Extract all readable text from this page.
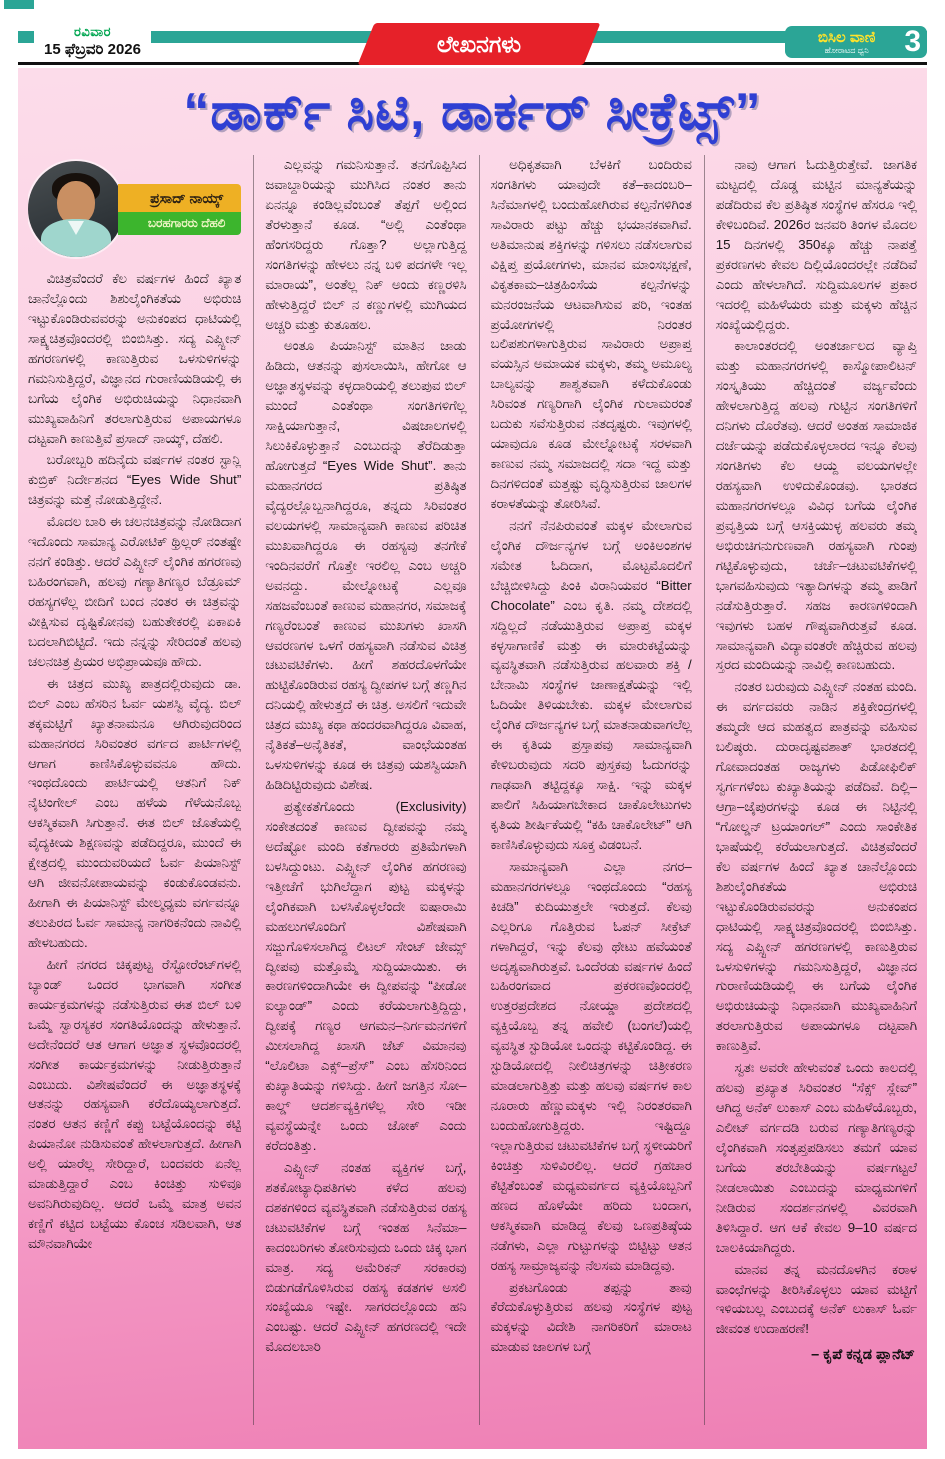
ರವಿವಾರ
15 ಫೆಬ್ರವರಿ 2026	ಲೇಖನಗಳು	ಬಿಸಿಲ ವಾಣಿ
ಹೋರಾಟದ ಧ್ವನಿ	3
“ಡಾರ್ಕ್ ಸಿಟಿ, ಡಾರ್ಕರ್ ಸೀಕ್ರೆಟ್ಸ್”
ಪ್ರಸಾದ್ ನಾಯ್ಕ್
ಬರಹಗಾರರು ದೆಹಲಿ

ವಿಚಿತ್ರವೆಂದರೆ ಕೆಲ ವರ್ಷಗಳ ಹಿಂದೆ ಖ್ಯಾತ ಚಾನೆಲ್ಲೊಂದು ಶಿಶುಲೈಂಗಿಕತೆಯ ಅಭಿರುಚಿ ಇಟ್ಟುಕೊಂಡಿರುವವರನ್ನು ಅನುಕಂಪದ ಧಾಟಿಯಲ್ಲಿ ಸಾಕ್ಷ್ಯಚಿತ್ರವೊಂದರಲ್ಲಿ ಬಿಂಬಿಸಿತ್ತು. ಸದ್ಯ ಎಪ್ಸ್ಟೀನ್ ಹಗರಣಗಳಲ್ಲಿ ಕಾಣುತ್ತಿರುವ ಒಳಸುಳಿಗಳನ್ನು ಗಮನಿಸುತ್ತಿದ್ದರೆ, ವಿಜ್ಞಾನದ ಗುರಾಣಿಯಡಿಯಲ್ಲಿ ಈ ಬಗೆಯ ಲೈಂಗಿಕ ಅಭಿರುಚಿಯನ್ನು ನಿಧಾನವಾಗಿ ಮುಖ್ಯವಾಹಿನಿಗೆ ತರಲಾಗುತ್ತಿರುವ ಅಪಾಯಗಳೂ ದಟ್ಟವಾಗಿ ಕಾಣುತ್ತಿವೆ ಪ್ರಸಾದ್ ನಾಯ್ಕ್, ದೆಹಲಿ.

ಬರೋಬ್ಬರಿ ಹದಿನೈದು ವರ್ಷಗಳ ನಂತರ ಸ್ಟಾನ್ಲಿ ಕುಬ್ರಿಕ್ ನಿರ್ದೇಶನದ “Eyes Wide Shut” ಚಿತ್ರವನ್ನು ಮತ್ತೆ ನೋಡುತ್ತಿದ್ದೇನೆ.

ಮೊದಲ ಬಾರಿ ಈ ಚಲನಚಿತ್ರವನ್ನು ನೋಡಿದಾಗ ಇದೊಂದು ಸಾಮಾನ್ಯ ಎರೋಟಿಕ್ ಥ್ರಿಲ್ಲರ್ ನಂತಷ್ಟೇ ನನಗೆ ಕಂಡಿತ್ತು. ಆದರೆ ಎಪ್ಸ್ಟೀನ್ ಲೈಂಗಿಕ ಹಗರಣವು ಬಹಿರಂಗವಾಗಿ, ಹಲವು ಗಣ್ಯಾತಿಗಣ್ಯರ ಬೆಡ್ರೂಮ್ ರಹಸ್ಯಗಳೆಲ್ಲ ಬೀದಿಗೆ ಬಂದ ನಂತರ ಈ ಚಿತ್ರವನ್ನು ವೀಕ್ಷಿಸುವ ದೃಷ್ಟಿಕೋನವು ಬಹುತೇಕರಲ್ಲಿ ಏಕಾಏಕಿ ಬದಲಾಗಿಬಿಟ್ಟಿದೆ. ಇದು ನನ್ನನ್ನು ಸೇರಿದಂತೆ ಹಲವು ಚಲನಚಿತ್ರ ಪ್ರಿಯರ ಅಭಿಪ್ರಾಯವೂ ಹೌದು.

ಈ ಚಿತ್ರದ ಮುಖ್ಯ ಪಾತ್ರದಲ್ಲಿರುವುದು ಡಾ. ಬಿಲ್ ಎಂಬ ಹೆಸರಿನ ಓರ್ವ ಯಶಸ್ವಿ ವೈದ್ಯ. ಬಿಲ್ ತಕ್ಕಮಟ್ಟಿಗೆ ಖ್ಯಾತನಾಮನೂ ಆಗಿರುವುದರಿಂದ ಮಹಾನಗರದ ಸಿರಿವಂತರ ವರ್ಗದ ಪಾರ್ಟಿಗಳಲ್ಲಿ ಆಗಾಗ ಕಾಣಿಸಿಕೊಳ್ಳುವವನೂ ಹೌದು. ಇಂಥದೊಂದು ಪಾರ್ಟಿಯಲ್ಲಿ ಆತನಿಗೆ ನಿಕ್ ನೈಟಿಂಗೇಲ್ ಎಂಬ ಹಳೆಯ ಗೆಳೆಯನೊಬ್ಬ ಆಕಸ್ಮಿಕವಾಗಿ ಸಿಗುತ್ತಾನೆ. ಈತ ಬಿಲ್ ಜೊತೆಯಲ್ಲಿ ವೈದ್ಯಕೀಯ ಶಿಕ್ಷಣವನ್ನು ಪಡೆದಿದ್ದರೂ, ಮುಂದೆ ಈ ಕ್ಷೇತ್ರದಲ್ಲಿ ಮುಂದುವರಿಯದೆ ಓರ್ವ ಪಿಯಾನಿಸ್ಟ್ ಆಗಿ ಜೀವನೋಪಾಯವನ್ನು ಕಂಡುಕೊಂಡವನು. ಹೀಗಾಗಿ ಈ ಪಿಯಾನಿಸ್ಟ್ ಮೇಲ್ಮಧ್ಯಮ ವರ್ಗವನ್ನೂ ತಲುಪಿರದ ಓರ್ವ ಸಾಮಾನ್ಯ ನಾಗರಿಕನೆಂದು ನಾವಿಲ್ಲಿ ಹೇಳಬಹುದು.

ಹೀಗೆ ನಗರದ ಚಿಕ್ಕಪುಟ್ಟ ರೆಸ್ಟೋರೆಂಟ್‌ಗಳಲ್ಲಿ ಬ್ಯಾಂಡ್ ಒಂದರ ಭಾಗವಾಗಿ ಸಂಗೀತ ಕಾರ್ಯಕ್ರಮಗಳನ್ನು ನಡೆಸುತ್ತಿರುವ ಈತ ಬಿಲ್ ಬಳಿ ಒಮ್ಮೆ ಸ್ವಾರಸ್ಯಕರ ಸಂಗತಿಯೊಂದನ್ನು ಹೇಳುತ್ತಾನೆ. ಅದೇನೆಂದರೆ ಆತ ಆಗಾಗ ಅಜ್ಞಾತ ಸ್ಥಳವೊಂದರಲ್ಲಿ ಸಂಗೀತ ಕಾರ್ಯಕ್ರಮಗಳನ್ನು ನೀಡುತ್ತಿರುತ್ತಾನೆ ಎಂಬುದು. ವಿಶೇಷವೆಂದರೆ ಈ ಅಜ್ಞಾತಸ್ಥಳಕ್ಕೆ ಆತನನ್ನು ರಹಸ್ಯವಾಗಿ ಕರೆದೊಯ್ಯಲಾಗುತ್ತದೆ. ನಂತರ ಆತನ ಕಣ್ಣಿಗೆ ಕಪ್ಪು ಬಟ್ಟೆಯೊಂದನ್ನು ಕಟ್ಟಿ ಪಿಯಾನೋ ನುಡಿಸುವಂತೆ ಹೇಳಲಾಗುತ್ತದೆ. ಹೀಗಾಗಿ ಅಲ್ಲಿ ಯಾರೆಲ್ಲ ಸೇರಿದ್ದಾರೆ, ಬಂದವರು ಏನೆಲ್ಲ ಮಾಡುತ್ತಿದ್ದಾರೆ ಎಂಬ ಕಿಂಚಿತ್ತು ಸುಳಿವೂ ಅವನಿಗಿರುವುದಿಲ್ಲ. ಆದರೆ ಒಮ್ಮೆ ಮಾತ್ರ ಅವನ ಕಣ್ಣಿಗೆ ಕಟ್ಟಿದ ಬಟ್ಟೆಯು ಕೊಂಚ ಸಡಿಲವಾಗಿ, ಆತ ಮೌನವಾಗಿಯೇ

ಎಲ್ಲವನ್ನು ಗಮನಿಸುತ್ತಾನೆ. ತನಗೊಪ್ಪಿಸಿದ ಜವಾಬ್ದಾರಿಯನ್ನು ಮುಗಿಸಿದ ನಂತರ ತಾನು ಏನನ್ನೂ ಕಂಡಿಲ್ಲವೆಂಬಂತೆ ತೆಪ್ಪಗೆ ಅಲ್ಲಿಂದ ತೆರಳುತ್ತಾನೆ ಕೂಡ. “ಅಲ್ಲಿ ಎಂತೆಂಥಾ ಹೆಂಗಸರಿದ್ದರು ಗೊತ್ತಾ? ಅಲ್ಲಾಗುತ್ತಿದ್ದ ಸಂಗತಿಗಳನ್ನು ಹೇಳಲು ನನ್ನ ಬಳಿ ಪದಗಳೇ ಇಲ್ಲ ಮಾರಾಯ”, ಅಂತೆಲ್ಲ ನಿಕ್ ಅಂದು ಕಣ್ಣರಳಿಸಿ ಹೇಳುತ್ತಿದ್ದರೆ ಬಿಲ್ ನ ಕಣ್ಣುಗಳಲ್ಲಿ ಮುಗಿಯದ ಅಚ್ಚರಿ ಮತ್ತು ಕುತೂಹಲ.

ಅಂತೂ ಪಿಯಾನಿಸ್ಟ್ ಮಾತಿನ ಜಾಡು ಹಿಡಿದು, ಆತನನ್ನು ಪುಸಲಾಯಿಸಿ, ಹೇಗೋ ಆ ಅಜ್ಞಾತಸ್ಥಳವನ್ನು ಕಳ್ಳದಾರಿಯಲ್ಲಿ ತಲುಪುವ ಬಿಲ್ ಮುಂದೆ ಎಂತೆಂಥಾ ಸಂಗತಿಗಳಿಗೆಲ್ಲ ಸಾಕ್ಷಿಯಾಗುತ್ತಾನೆ, ವಿಷಜಾಲಗಳಲ್ಲಿ ಸಿಲುಕಿಕೊಳ್ಳುತ್ತಾನೆ ಎಂಬುದನ್ನು ತೆರೆದಿಡುತ್ತಾ ಹೋಗುತ್ತದೆ “Eyes Wide Shut”. ತಾನು ಮಹಾನಗರದ ಪ್ರತಿಷ್ಠಿತ ವೈದ್ಯರಲ್ಲೊಬ್ಬನಾಗಿದ್ದರೂ, ತನ್ನದು ಸಿರಿವಂತರ ವಲಯಗಳಲ್ಲಿ ಸಾಮಾನ್ಯವಾಗಿ ಕಾಣುವ ಪರಿಚಿತ ಮುಖವಾಗಿದ್ದರೂ ಈ ರಹಸ್ಯವು ತನಗೇಕೆ ಇಂದಿನವರೆಗೆ ಗೊತ್ತೇ ಇರಲಿಲ್ಲ ಎಂಬ ಅಚ್ಚರಿ ಅವನದ್ದು. ಮೇಲ್ನೋಟಕ್ಕೆ ಎಲ್ಲವೂ ಸಹಜವೆಂಬಂತೆ ಕಾಣುವ ಮಹಾನಗರ, ಸಮಾಜಕ್ಕೆ ಗಣ್ಯರೆಂಬಂತೆ ಕಾಣುವ ಮುಖಗಳು ಖಾಸಗಿ ಆವರಣಗಳ ಒಳಗೆ ರಹಸ್ಯವಾಗಿ ನಡೆಸುವ ವಿಚಿತ್ರ ಚಟುವಟಿಕೆಗಳು. ಹೀಗೆ ಶಹರದೊಳಗೆಯೇ ಹುಟ್ಟಿಕೊಂಡಿರುವ ರಹಸ್ಯ ದ್ವೀಪಗಳ ಬಗ್ಗೆ ತಣ್ಣಗಿನ ದನಿಯಲ್ಲಿ ಹೇಳುತ್ತದೆ ಈ ಚಿತ್ರ. ಅಸಲಿಗೆ ಇದುವೇ ಚಿತ್ರದ ಮುಖ್ಯ ಕಥಾ ಹಂದರವಾಗಿದ್ದರೂ ವಿವಾಹ, ನೈತಿಕತೆ–ಅನೈತಿಕತೆ, ವಾಂಛೆಯಂತಹ ಒಳಸುಳಿಗಳನ್ನು ಕೂಡ ಈ ಚಿತ್ರವು ಯಶಸ್ವಿಯಾಗಿ ಹಿಡಿದಿಟ್ಟಿರುವುದು ವಿಶೇಷ.

ಪ್ರತ್ಯೇಕತೆಗೊಂದು (Exclusivity) ಸಂಕೇತದಂತೆ ಕಾಣುವ ದ್ವೀಪವನ್ನು ನಮ್ಮ ಅದೆಷ್ಟೋ ಮಂದಿ ಕತೆಗಾರರು ಪ್ರತಿಮೆಗಳಾಗಿ ಬಳಸಿದ್ದುಂಟು. ಎಪ್ಸ್ಟೀನ್ ಲೈಂಗಿಕ ಹಗರಣವು ಇತ್ತೀಚೆಗೆ ಭುಗಿಲೆದ್ದಾಗ ಪುಟ್ಟ ಮಕ್ಕಳನ್ನು ಲೈಂಗಿಕವಾಗಿ ಬಳಸಿಕೊಳ್ಳಲೆಂದೇ ಐಷಾರಾಮಿ ಮಹಲುಗಳೊಂದಿಗೆ ವಿಶೇಷವಾಗಿ ಸಜ್ಜುಗೊಳಿಸಲಾಗಿದ್ದ ಲಿಟಲ್ ಸೇಂಟ್ ಜೇಮ್ಸ್ ದ್ವೀಪವು ಮತ್ತೊಮ್ಮೆ ಸುದ್ದಿಯಾಯಿತು. ಈ ಕಾರಣಗಳಿಂದಾಗಿಯೇ ಈ ದ್ವೀಪವನ್ನು “ಪೀಡೋ ಐಲ್ಯಾಂಡ್” ಎಂದು ಕರೆಯಲಾಗುತ್ತಿದ್ದಿದ್ದು, ದ್ವೀಪಕ್ಕೆ ಗಣ್ಯರ ಆಗಮನ–ನಿರ್ಗಮನಗಳಿಗೆ ಮೀಸಲಾಗಿದ್ದ ಖಾಸಗಿ ಜೆಟ್ ವಿಮಾನವು “ಲೊಲಿಟಾ ಎಕ್ಸ್–ಪ್ರೆಸ್” ಎಂಬ ಹೆಸರಿನಿಂದ ಕುಖ್ಯಾತಿಯನ್ನು ಗಳಿಸಿದ್ದು. ಹೀಗೆ ಜಗತ್ತಿನ ಸೋ–ಕಾಲ್ಡ್ ಆದರ್ಶವ್ಯಕ್ತಿಗಳೆಲ್ಲ ಸೇರಿ ಇಡೀ ವ್ಯವಸ್ಥೆಯನ್ನೇ ಒಂದು ಜೋಕ್ ಎಂದು ಕರೆದಂತಿತ್ತು.

ಎಪ್ಸ್ಟೀನ್ ನಂತಹ ವ್ಯಕ್ತಿಗಳ ಬಗ್ಗೆ, ಶತಕೋಟ್ಯಾಧಿಪತಿಗಳು ಕಳೆದ ಹಲವು ದಶಕಗಳಿಂದ ವ್ಯವಸ್ಥಿತವಾಗಿ ನಡೆಸುತ್ತಿರುವ ರಹಸ್ಯ ಚಟುವಟಿಕೆಗಳ ಬಗ್ಗೆ ಇಂತಹ ಸಿನೆಮಾ–ಕಾದಂಬರಿಗಳು ತೋರಿಸುವುದು ಒಂದು ಚಿಕ್ಕ ಭಾಗ ಮಾತ್ರ. ಸದ್ಯ ಅಮೆರಿಕನ್ ಸರಕಾರವು ಬಿಡುಗಡೆಗೊಳಿಸಿರುವ ರಹಸ್ಯ ಕಡತಗಳ ಅಸಲಿ ಸಂಖ್ಯೆಯೂ ಇಷ್ಟೇ. ಸಾಗರದಲ್ಲೊಂದು ಹನಿ ಎಂಬಷ್ಟು. ಆದರೆ ಎಪ್ಸ್ಟೀನ್ ಹಗರಣದಲ್ಲಿ ಇದೇ ಮೊದಲಬಾರಿ

ಅಧಿಕೃತವಾಗಿ ಬೆಳಕಿಗೆ ಬಂದಿರುವ ಸಂಗತಿಗಳು ಯಾವುದೇ ಕತೆ–ಕಾದಂಬರಿ–ಸಿನೆಮಾಗಳಲ್ಲಿ ಬಂದುಹೋಗಿರುವ ಕಲ್ಪನೆಗಳಿಗಿಂತ ಸಾವಿರಾರು ಪಟ್ಟು ಹೆಚ್ಚು ಭಯಾನಕವಾಗಿವೆ. ಅತಿಮಾನುಷ ಶಕ್ತಿಗಳನ್ನು ಗಳಿಸಲು ನಡೆಸಲಾಗುವ ವಿಕ್ಷಿಪ್ತ ಪ್ರಯೋಗಗಳು, ಮಾನವ ಮಾಂಸಭಕ್ಷಣೆ, ವಿಕೃತಕಾಮ–ಚಿತ್ರಹಿಂಸೆಯ ಕಲ್ಪನೆಗಳನ್ನು ಮನರಂಜನೆಯ ಆಟವಾಗಿಸುವ ಪರಿ, ಇಂತಹ ಪ್ರಯೋಗಗಳಲ್ಲಿ ನಿರಂತರ ಬಲಿಪಶುಗಳಾಗುತ್ತಿರುವ ಸಾವಿರಾರು ಅಪ್ರಾಪ್ತ ವಯಸ್ಸಿನ ಅಮಾಯಕ ಮಕ್ಕಳು, ತಮ್ಮ ಅಮೂಲ್ಯ ಬಾಲ್ಯವನ್ನು ಶಾಶ್ವತವಾಗಿ ಕಳೆದುಕೊಂಡು ಸಿರಿವಂತ ಗಣ್ಯರಿಗಾಗಿ ಲೈಂಗಿಕ ಗುಲಾಮರಂತೆ ಬದುಕು ಸವೆಸುತ್ತಿರುವ ನತದೃಷ್ಟರು. ಇವುಗಳಲ್ಲಿ ಯಾವುದೂ ಕೂಡ ಮೇಲ್ನೋಟಕ್ಕೆ ಸರಳವಾಗಿ ಕಾಣುವ ನಮ್ಮ ಸಮಾಜದಲ್ಲಿ ಸದಾ ಇದ್ದ ಮತ್ತು ದಿನಗಳಿದಂತೆ ಮತ್ತಷ್ಟು ವೃದ್ಧಿಸುತ್ತಿರುವ ಜಾಲಗಳ ಕರಾಳತೆಯನ್ನು ತೋರಿಸಿವೆ.

ನನಗೆ ನೆನಪಿರುವಂತೆ ಮಕ್ಕಳ ಮೇಲಾಗುವ ಲೈಂಗಿಕ ದೌರ್ಜನ್ಯಗಳ ಬಗ್ಗೆ ಅಂಕಿಅಂಶಗಳ ಸಮೇತ ಓದಿದಾಗ, ಮೊಟ್ಟಮೊದಲಿಗೆ ಬೆಚ್ಚಿಬೀಳಿಸಿದ್ದು ಪಿಂಕಿ ವಿರಾನಿಯವರ “Bitter Chocolate” ಎಂಬ ಕೃತಿ. ನಮ್ಮ ದೇಶದಲ್ಲಿ ಸದ್ದಿಲ್ಲದೆ ನಡೆಯುತ್ತಿರುವ ಅಪ್ರಾಪ್ತ ಮಕ್ಕಳ ಕಳ್ಳಸಾಗಾಣಿಕೆ ಮತ್ತು ಈ ಮಾರುಕಟ್ಟೆಯನ್ನು ವ್ಯವಸ್ಥಿತವಾಗಿ ನಡೆಸುತ್ತಿರುವ ಹಲವಾರು ಶಕ್ತಿ / ಬೇನಾಮಿ ಸಂಸ್ಥೆಗಳ ಜಾಣಾಕ್ಷತೆಯನ್ನು ಇಲ್ಲಿ ಓದಿಯೇ ತಿಳಿಯಬೇಕು. ಮಕ್ಕಳ ಮೇಲಾಗುವ ಲೈಂಗಿಕ ದೌರ್ಜನ್ಯಗಳ ಬಗ್ಗೆ ಮಾತನಾಡುವಾಗಲೆಲ್ಲ ಈ ಕೃತಿಯ ಪ್ರಸ್ತಾಪವು ಸಾಮಾನ್ಯವಾಗಿ ಕೇಳಿಬರುವುದು ಸದರಿ ಪುಸ್ತಕವು ಓದುಗರನ್ನು ಗಾಢವಾಗಿ ತಟ್ಟಿದ್ದಕ್ಕೂ ಸಾಕ್ಷಿ. ಇನ್ನು ಮಕ್ಕಳ ಪಾಲಿಗೆ ಸಿಹಿಯಾಗಬೇಕಾದ ಚಾಕೊಲೇಟುಗಳು ಕೃತಿಯ ಶೀರ್ಷಿಕೆಯಲ್ಲಿ “ಕಹಿ ಚಾಕೊಲೇಟ್” ಆಗಿ ಕಾಣಿಸಿಕೊಳ್ಳುವುದು ಸೂಕ್ತ ವಿಡಂಬನೆ.

ಸಾಮಾನ್ಯವಾಗಿ ಎಲ್ಲಾ ನಗರ–ಮಹಾನಗರಗಳಲ್ಲೂ ಇಂಥದೊಂದು “ರಹಸ್ಯ ಕಿಚಡಿ” ಕುದಿಯುತ್ತಲೇ ಇರುತ್ತದೆ. ಕೆಲವು ಎಲ್ಲರಿಗೂ ಗೊತ್ತಿರುವ ಓಪನ್ ಸೀಕ್ರೆಟ್ ಗಳಾಗಿದ್ದರೆ, ಇನ್ನು ಕೆಲವು ಥೇಟು ಹವೆಯಂತೆ ಅದೃಶ್ಯವಾಗಿರುತ್ತವೆ. ಒಂದೆರಡು ವರ್ಷಗಳ ಹಿಂದೆ ಬಹಿರಂಗವಾದ ಪ್ರಕರಣವೊಂದರಲ್ಲಿ ಉತ್ತರಪ್ರದೇಶದ ನೋಯ್ಡಾ ಪ್ರದೇಶದಲ್ಲಿ ವ್ಯಕ್ತಿಯೊಬ್ಬ ತನ್ನ ಹವೇಲಿ (ಬಂಗಲೆ)ಯಲ್ಲಿ ವ್ಯವಸ್ಥಿತ ಸ್ಟುಡಿಯೋ ಒಂದನ್ನು ಕಟ್ಟಿಕೊಂಡಿದ್ದ. ಈ ಸ್ಟುಡಿಯೋದಲ್ಲಿ ನೀಲಿಚಿತ್ರಗಳನ್ನು ಚಿತ್ರೀಕರಣ ಮಾಡಲಾಗುತ್ತಿತ್ತು ಮತ್ತು ಹಲವು ವರ್ಷಗಳ ಕಾಲ ನೂರಾರು ಹೆಣ್ಣುಮಕ್ಕಳು ಇಲ್ಲಿ ನಿರಂತರವಾಗಿ ಬಂದುಹೋಗುತ್ತಿದ್ದರು. ಇಷ್ಟಿದ್ದೂ ಇಲ್ಲಾಗುತ್ತಿರುವ ಚಟುವಟಿಕೆಗಳ ಬಗ್ಗೆ ಸ್ಥಳೀಯರಿಗೆ ಕಿಂಚಿತ್ತು ಸುಳಿವಿರಲಿಲ್ಲ. ಆದರೆ ಗ್ರಹಚಾರ ಕೆಟ್ಟಿತೆಂಬಂತೆ ಮಧ್ಯಮವರ್ಗದ ವ್ಯಕ್ತಿಯೊಬ್ಬನಿಗೆ ಹಣದ ಹೊಳೆಯೇ ಹರಿದು ಬಂದಾಗ, ಆಕಸ್ಮಿಕವಾಗಿ ಮಾಡಿದ್ದ ಕೆಲವು ಒಣಪ್ರತಿಷ್ಠೆಯ ನಡೆಗಳು, ಎಲ್ಲಾ ಗುಟ್ಟುಗಳನ್ನು ಬಿಟ್ಟಿಟ್ಟು ಆತನ ರಹಸ್ಯ ಸಾಮ್ರಾಜ್ಯವನ್ನು ನೆಲಸಮ ಮಾಡಿದ್ದವು.

ಪ್ರಕಟಗೊಂಡು ತಪ್ಪನ್ನು ತಾವು ಕೆರೆದುಕೊಳ್ಳುತ್ತಿರುವ ಹಲವು ಸಂಸ್ಥೆಗಳ ಪುಟ್ಟ ಮಕ್ಕಳನ್ನು ವಿದೇಶಿ ನಾಗರಿಕರಿಗೆ ಮಾರಾಟ ಮಾಡುವ ಜಾಲಗಳ ಬಗ್ಗೆ

– ಕೃಪೆ ಕನ್ನಡ ಪ್ಲಾನೆಟ್

ನಾವು ಆಗಾಗ ಓದುತ್ತಿರುತ್ತೇವೆ. ಜಾಗತಿಕ ಮಟ್ಟದಲ್ಲಿ ದೊಡ್ಡ ಮಟ್ಟಿನ ಮಾನ್ಯತೆಯನ್ನು ಪಡೆದಿರುವ ಕೆಲ ಪ್ರತಿಷ್ಠಿತ ಸಂಸ್ಥೆಗಳ ಹೆಸರೂ ಇಲ್ಲಿ ಕೇಳಿಬಂದಿವೆ. 2026ರ ಜನವರಿ ತಿಂಗಳ ಮೊದಲ 15 ದಿನಗಳಲ್ಲಿ 350ಕ್ಕೂ ಹೆಚ್ಚು ನಾಪತ್ತೆ ಪ್ರಕರಣಗಳು ಕೇವಲ ದಿಲ್ಲಿಯೊಂದರಲ್ಲೇ ನಡೆದಿವೆ ಎಂದು ಹೇಳಲಾಗಿದೆ. ಸುದ್ದಿಮೂಲಗಳ ಪ್ರಕಾರ ಇದರಲ್ಲಿ ಮಹಿಳೆಯರು ಮತ್ತು ಮಕ್ಕಳು ಹೆಚ್ಚಿನ ಸಂಖ್ಯೆಯಲ್ಲಿದ್ದರು.

ಕಾಲಾಂತರದಲ್ಲಿ ಅಂತರ್ಜಾಲದ ವ್ಯಾಪ್ತಿ ಮತ್ತು ಮಹಾನಗರಗಳಲ್ಲಿ ಕಾಸ್ಮೋಪಾಲಿಟನ್ ಸಂಸ್ಕೃತಿಯು ಹೆಚ್ಚಿದಂತೆ ವರ್ಜ್ಯವೆಂದು ಹೇಳಲಾಗುತ್ತಿದ್ದ ಹಲವು ಗುಟ್ಟಿನ ಸಂಗತಿಗಳಿಗೆ ದನಿಗಳು ದೊರೆತವು. ಆದರೆ ಅಂತಹ ಸಾಮಾಜಿಕ ದರ್ಜೆಯನ್ನು ಪಡೆದುಕೊಳ್ಳಲಾರದ ಇನ್ನೂ ಕೆಲವು ಸಂಗತಿಗಳು ಕೆಲ ಆಯ್ದ ವಲಯಗಳಲ್ಲೇ ರಹಸ್ಯವಾಗಿ ಉಳಿದುಕೊಂಡವು. ಭಾರತದ ಮಹಾನಗರಗಳಲ್ಲೂ ವಿವಿಧ ಬಗೆಯ ಲೈಂಗಿಕ ಪ್ರವೃತ್ತಿಯ ಬಗ್ಗೆ ಆಸಕ್ತಿಯುಳ್ಳ ಹಲವರು ತಮ್ಮ ಅಭಿರುಚಿಗನುಗುಣವಾಗಿ ರಹಸ್ಯವಾಗಿ ಗುಂಪು ಗಟ್ಟಿಕೊಳ್ಳುವುದು, ಚರ್ಚೆ–ಚಟುವಟಿಕೆಗಳಲ್ಲಿ ಭಾಗವಹಿಸುವುದು ಇತ್ಯಾದಿಗಳನ್ನು ತಮ್ಮ ಪಾಡಿಗೆ ನಡೆಸುತ್ತಿರುತ್ತಾರೆ. ಸಹಜ ಕಾರಣಗಳಿಂದಾಗಿ ಇವುಗಳು ಬಹಳ ಗೌಪ್ಯವಾಗಿರುತ್ತವೆ ಕೂಡ. ಸಾಮಾನ್ಯವಾಗಿ ವಿದ್ಯಾವಂತರೇ ಹೆಚ್ಚಿರುವ ಹಲವು ಸ್ತರದ ಮಂದಿಯನ್ನು ನಾವಿಲ್ಲಿ ಕಾಣಬಹುದು.

ನಂತರ ಬರುವುದು ಎಪ್ಸ್ಟೀನ್ ನಂತಹ ಮಂದಿ. ಈ ವರ್ಗದವರು ನಾಡಿನ ಶಕ್ತಿಕೇಂದ್ರಗಳಲ್ಲಿ ತಮ್ಮದೇ ಆದ ಮಹತ್ವದ ಪಾತ್ರವನ್ನು ವಹಿಸುವ ಬಲಿಷ್ಠರು. ದುರಾದೃಷ್ಟವಶಾತ್ ಭಾರತದಲ್ಲಿ ಗೋವಾದಂತಹ ರಾಜ್ಯಗಳು ಪಿಡೋಫಿಲಿಕ್ ಸ್ವರ್ಗಗಳೆಂಬ ಕುಖ್ಯಾತಿಯನ್ನು ಪಡೆದಿವೆ. ದಿಲ್ಲಿ–ಆಗ್ರಾ–ಜೈಪುರಗಳನ್ನು ಕೂಡ ಈ ನಿಟ್ಟಿನಲ್ಲಿ “ಗೋಲ್ಡನ್ ಟ್ರಯಾಂಗಲ್” ಎಂದು ಸಾಂಕೇತಿಕ ಭಾಷೆಯಲ್ಲಿ ಕರೆಯಲಾಗುತ್ತದೆ. ವಿಚಿತ್ರವೆಂದರೆ ಕೆಲ ವರ್ಷಗಳ ಹಿಂದೆ ಖ್ಯಾತ ಚಾನೆಲ್ಲೊಂದು ಶಿಶುಲೈಂಗಿಕತೆಯ ಅಭಿರುಚಿ ಇಟ್ಟುಕೊಂಡಿರುವವರನ್ನು ಅನುಕಂಪದ ಧಾಟಿಯಲ್ಲಿ ಸಾಕ್ಷ್ಯಚಿತ್ರವೊಂದರಲ್ಲಿ ಬಿಂಬಿಸಿತ್ತು. ಸದ್ಯ ಎಪ್ಸ್ಟೀನ್ ಹಗರಣಗಳಲ್ಲಿ ಕಾಣುತ್ತಿರುವ ಒಳಸುಳಿಗಳನ್ನು ಗಮನಿಸುತ್ತಿದ್ದರೆ, ವಿಜ್ಞಾನದ ಗುರಾಣಿಯಡಿಯಲ್ಲಿ ಈ ಬಗೆಯ ಲೈಂಗಿಕ ಅಭಿರುಚಿಯನ್ನು ನಿಧಾನವಾಗಿ ಮುಖ್ಯವಾಹಿನಿಗೆ ತರಲಾಗುತ್ತಿರುವ ಅಪಾಯಗಳೂ ದಟ್ಟವಾಗಿ ಕಾಣುತ್ತಿವೆ.

ಸ್ವತಃ ಅವರೇ ಹೇಳುವಂತೆ ಒಂದು ಕಾಲದಲ್ಲಿ ಹಲವು ಪ್ರಖ್ಯಾತ ಸಿರಿವಂತರ “ಸೆಕ್ಸ್ ಸ್ಲೇವ್” ಆಗಿದ್ದ ಅನೆಕ್ ಲುಕಾಸ್ ಎಂಬ ಮಹಿಳೆಯೊಬ್ಬರು, ಎಲೀಟ್ ವರ್ಗದಡಿ ಬರುವ ಗಣ್ಯಾತಿಗಣ್ಯರನ್ನು ಲೈಂಗಿಕವಾಗಿ ಸಂತೃಪ್ತಪಡಿಸಲು ತಮಗೆ ಯಾವ ಬಗೆಯ ತರಬೇತಿಯನ್ನು ವರ್ಷಗಟ್ಟಲೆ ನೀಡಲಾಯಿತು ಎಂಬುದನ್ನು ಮಾಧ್ಯಮಗಳಿಗೆ ನೀಡಿರುವ ಸಂದರ್ಶನಗಳಲ್ಲಿ ವಿವರವಾಗಿ ತಿಳಿಸಿದ್ದಾರೆ. ಆಗ ಆಕೆ ಕೇವಲ 9–10 ವರ್ಷದ ಬಾಲಕಿಯಾಗಿದ್ದರು.

ಮಾನವ ತನ್ನ ಮನದೊಳಗಿನ ಕರಾಳ ವಾಂಛೆಗಳನ್ನು ತೀರಿಸಿಕೊಳ್ಳಲು ಯಾವ ಮಟ್ಟಿಗೆ ಇಳಿಯಬಲ್ಲ ಎಂಬುದಕ್ಕೆ ಅನೆಕ್ ಲುಕಾಸ್ ಓರ್ವ ಜೀವಂತ ಉದಾಹರಣೆ!
